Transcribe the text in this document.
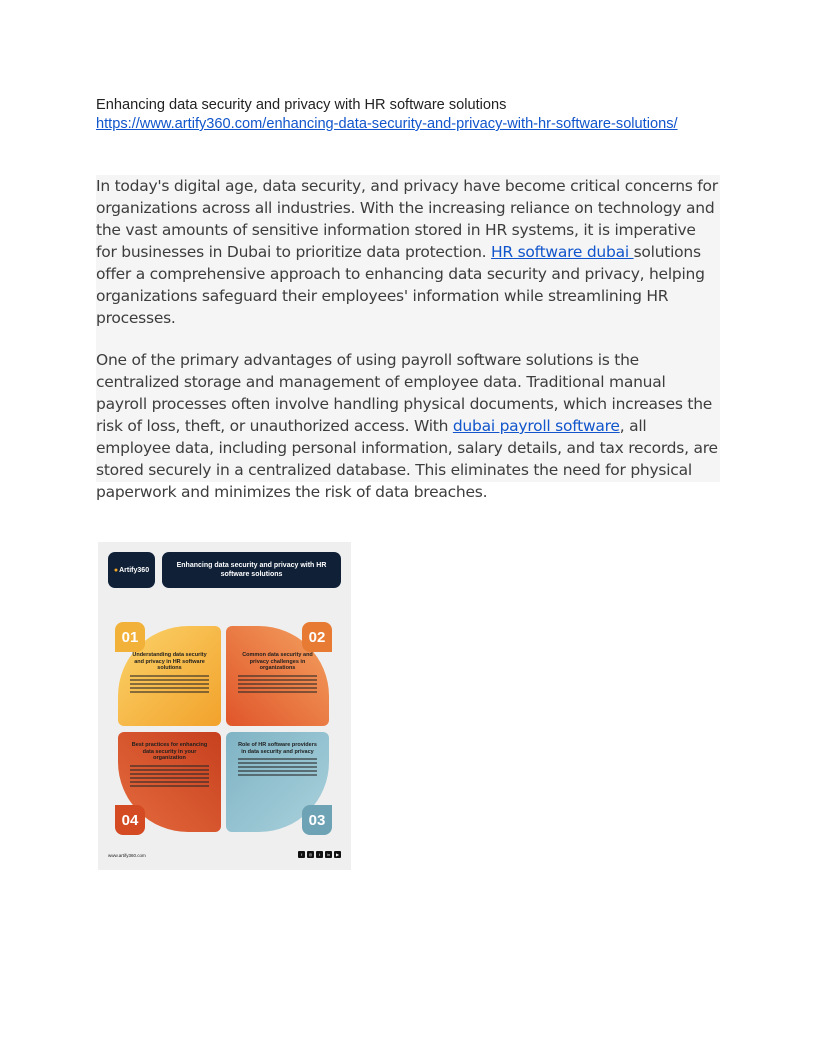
Enhancing data security and privacy with HR software solutions

https://www.artify360.com/enhancing-data-security-and-privacy-with-hr-software-solutions/

In today's digital age, data security, and privacy have become critical concerns for organizations across all industries. With the increasing reliance on technology and the vast amounts of sensitive information stored in HR systems, it is imperative for businesses in Dubai to prioritize data protection. HR software dubai solutions offer a comprehensive approach to enhancing data security and privacy, helping organizations safeguard their employees' information while streamlining HR processes.

One of the primary advantages of using payroll software solutions is the centralized storage and management of employee data. Traditional manual payroll processes often involve handling physical documents, which increases the risk of loss, theft, or unauthorized access. With dubai payroll software, all employee data, including personal information, salary details, and tax records, are stored securely in a centralized database. This eliminates the need for physical paperwork and minimizes the risk of data breaches.

● Artify360
Enhancing data security and privacy with HR software solutions
Understanding data security and privacy in HR software solutions
Common data security and privacy challenges in organizations
Role of HR software providers in data security and privacy
Best practices for enhancing data security in your organization
01	02
03
04
www.artify360.com	f	◎	t	in	▶
